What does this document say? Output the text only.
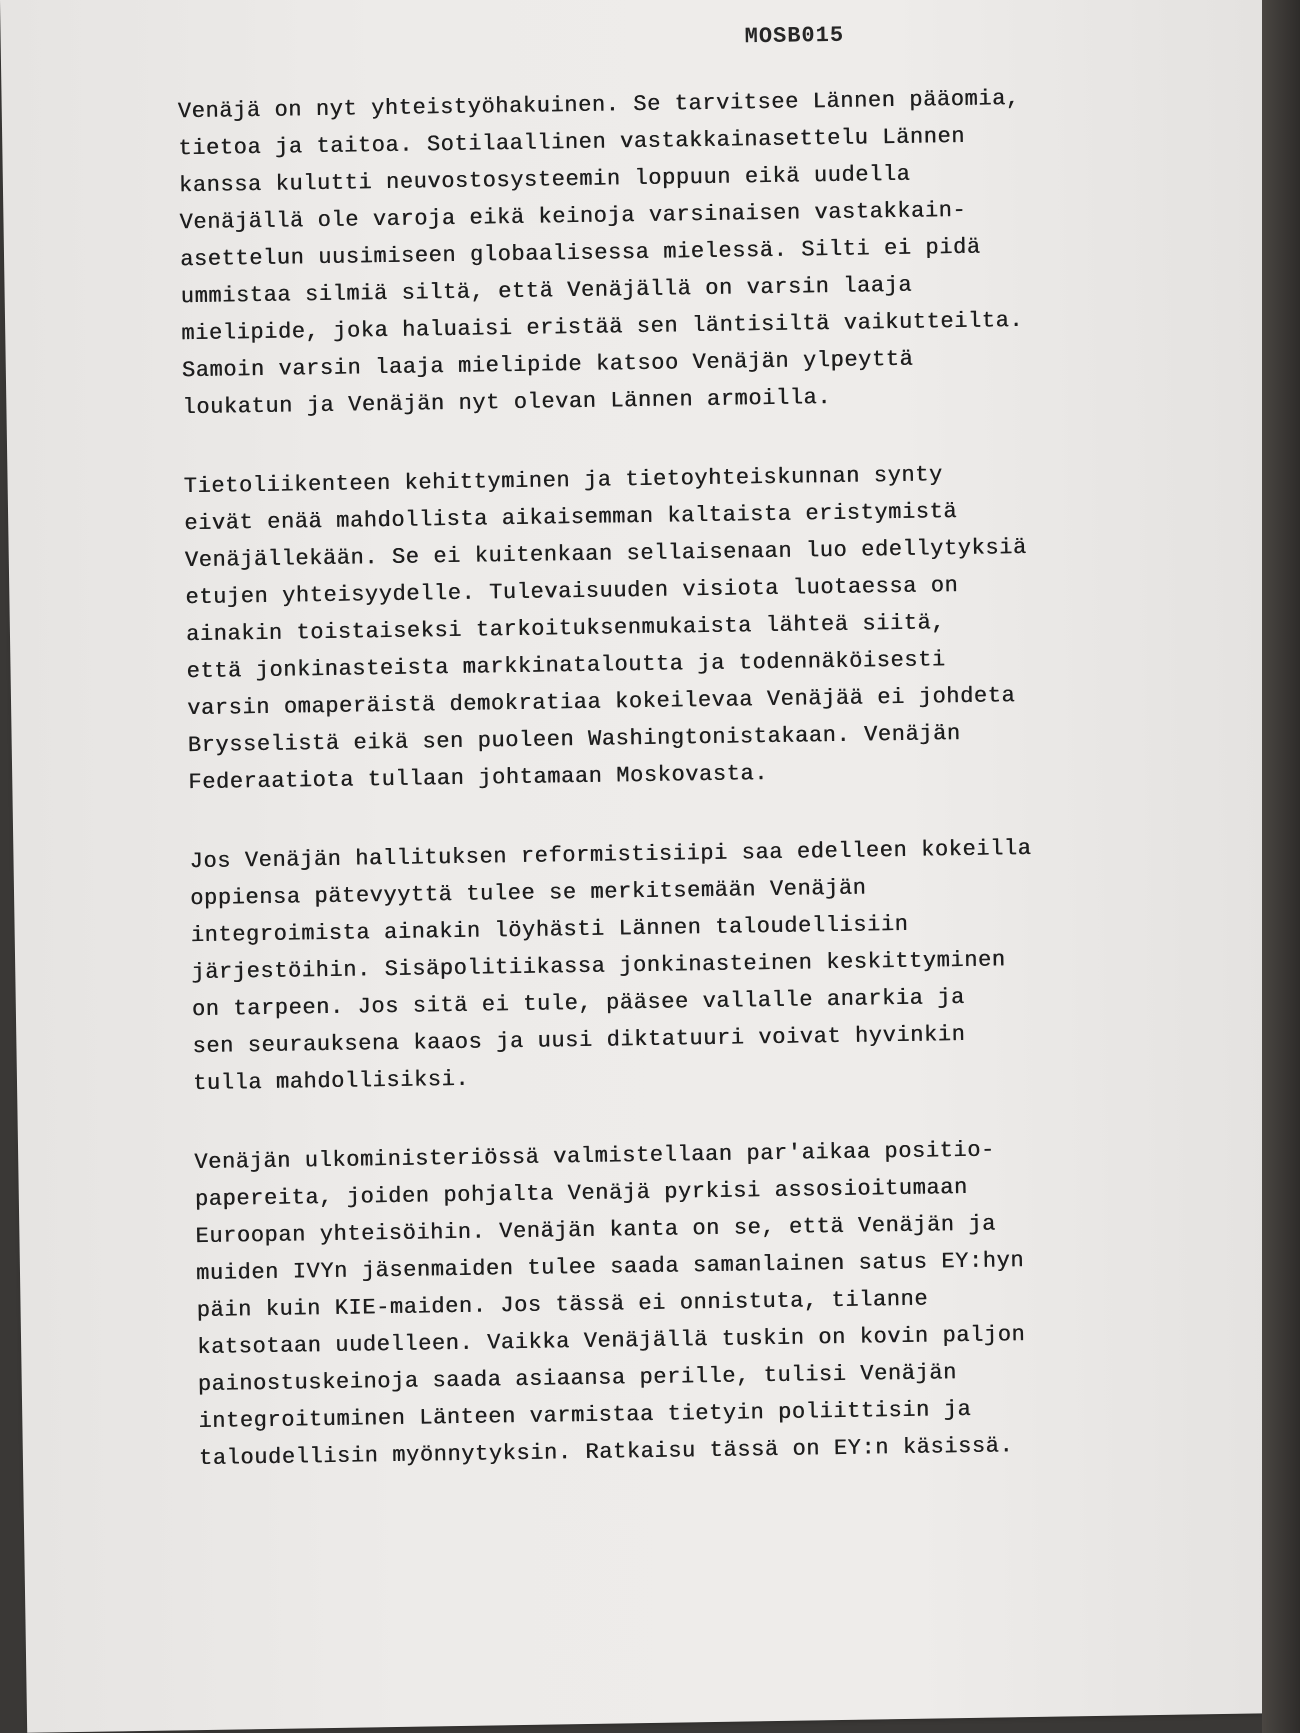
MOSB015
Venäjä on nyt yhteistyöhakuinen. Se tarvitsee Lännen pääomia,
tietoa ja taitoa. Sotilaallinen vastakkainasettelu Lännen
kanssa kulutti neuvostosysteemin loppuun eikä uudella
Venäjällä ole varoja eikä keinoja varsinaisen vastakkain-
asettelun uusimiseen globaalisessa mielessä. Silti ei pidä
ummistaa silmiä siltä, että Venäjällä on varsin laaja
mielipide, joka haluaisi eristää sen läntisiltä vaikutteilta.
Samoin varsin laaja mielipide katsoo Venäjän ylpeyttä
loukatun ja Venäjän nyt olevan Lännen armoilla.
Tietoliikenteen kehittyminen ja tietoyhteiskunnan synty
eivät enää mahdollista aikaisemman kaltaista eristymistä
Venäjällekään. Se ei kuitenkaan sellaisenaan luo edellytyksiä
etujen yhteisyydelle. Tulevaisuuden visiota luotaessa on
ainakin toistaiseksi tarkoituksenmukaista lähteä siitä,
että jonkinasteista markkinataloutta ja todennäköisesti
varsin omaperäistä demokratiaa kokeilevaa Venäjää ei johdeta
Brysselistä eikä sen puoleen Washingtonistakaan. Venäjän
Federaatiota tullaan johtamaan Moskovasta.
Jos Venäjän hallituksen reformistisiipi saa edelleen kokeilla
oppiensa pätevyyttä tulee se merkitsemään Venäjän
integroimista ainakin löyhästi Lännen taloudellisiin
järjestöihin. Sisäpolitiikassa jonkinasteinen keskittyminen
on tarpeen. Jos sitä ei tule, pääsee vallalle anarkia ja
sen seurauksena kaaos ja uusi diktatuuri voivat hyvinkin
tulla mahdollisiksi.
Venäjän ulkoministeriössä valmistellaan par'aikaa positio-
papereita, joiden pohjalta Venäjä pyrkisi assosioitumaan
Euroopan yhteisöihin. Venäjän kanta on se, että Venäjän ja
muiden IVYn jäsenmaiden tulee saada samanlainen satus EY:hyn
päin kuin KIE-maiden. Jos tässä ei onnistuta, tilanne
katsotaan uudelleen. Vaikka Venäjällä tuskin on kovin paljon
painostuskeinoja saada asiaansa perille, tulisi Venäjän
integroituminen Länteen varmistaa tietyin poliittisin ja
taloudellisin myönnytyksin. Ratkaisu tässä on EY:n käsissä.
